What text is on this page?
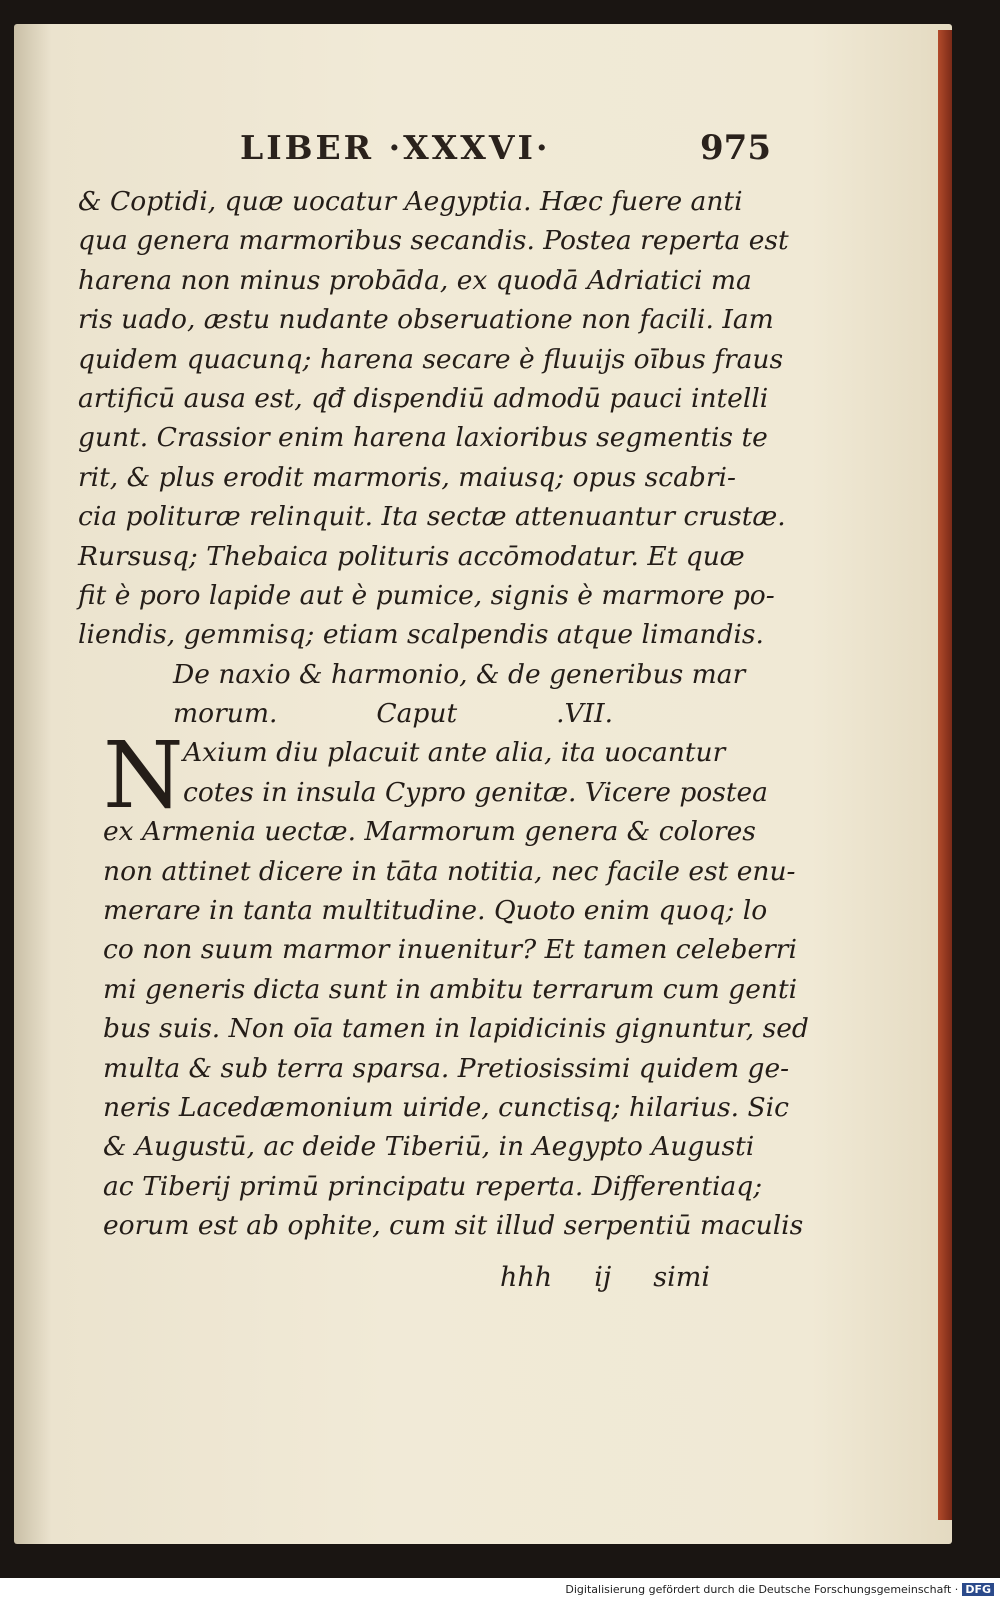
LIBER ·XXXVI·	975
& Coptidi, quæ uocatur Aegyptia. Hæc fuere anti
qua genera marmoribus secandis. Postea reperta est
harena non minus probāda, ex quodā Adriatici ma
ris uado, æstu nudante obseruatione non facili. Iam
quidem quacunq; harena secare è fluuijs oībus fraus
artificū ausa est, qđ dispendiū admodū pauci intelli
gunt. Crassior enim harena laxioribus segmentis te
rit, & plus erodit marmoris, maiusq; opus scabri-
cia polituræ relinquit. Ita sectæ attenuantur crustæ.
Rursusq; Thebaica polituris accōmodatur. Et quæ
fit è poro lapide aut è pumice, signis è marmore po-
liendis, gemmisq; etiam scalpendis atque limandis.
De naxio & harmonio, & de generibus mar
morum.	Caput	.VII.
N Axium diu placuit ante alia, ita uocantur
cotes in insula Cypro genitæ. Vicere postea
ex Armenia uectæ. Marmorum genera & colores
non attinet dicere in tāta notitia, nec facile est enu-
merare in tanta multitudine. Quoto enim quoq; lo
co non suum marmor inuenitur? Et tamen celeberri
mi generis dicta sunt in ambitu terrarum cum genti
bus suis. Non oīa tamen in lapidicinis gignuntur, sed
multa & sub terra sparsa. Pretiosissimi quidem ge-
neris Lacedæmonium uiride, cunctisq; hilarius. Sic
& Augustū, ac deide Tiberiū, in Aegypto Augusti
ac Tiberij primū principatu reperta. Differentiaq;
eorum est ab ophite, cum sit illud serpentiū maculis
hhh ij simi
Digitalisierung gefördert durch die Deutsche Forschungsgemeinschaft · DFG
